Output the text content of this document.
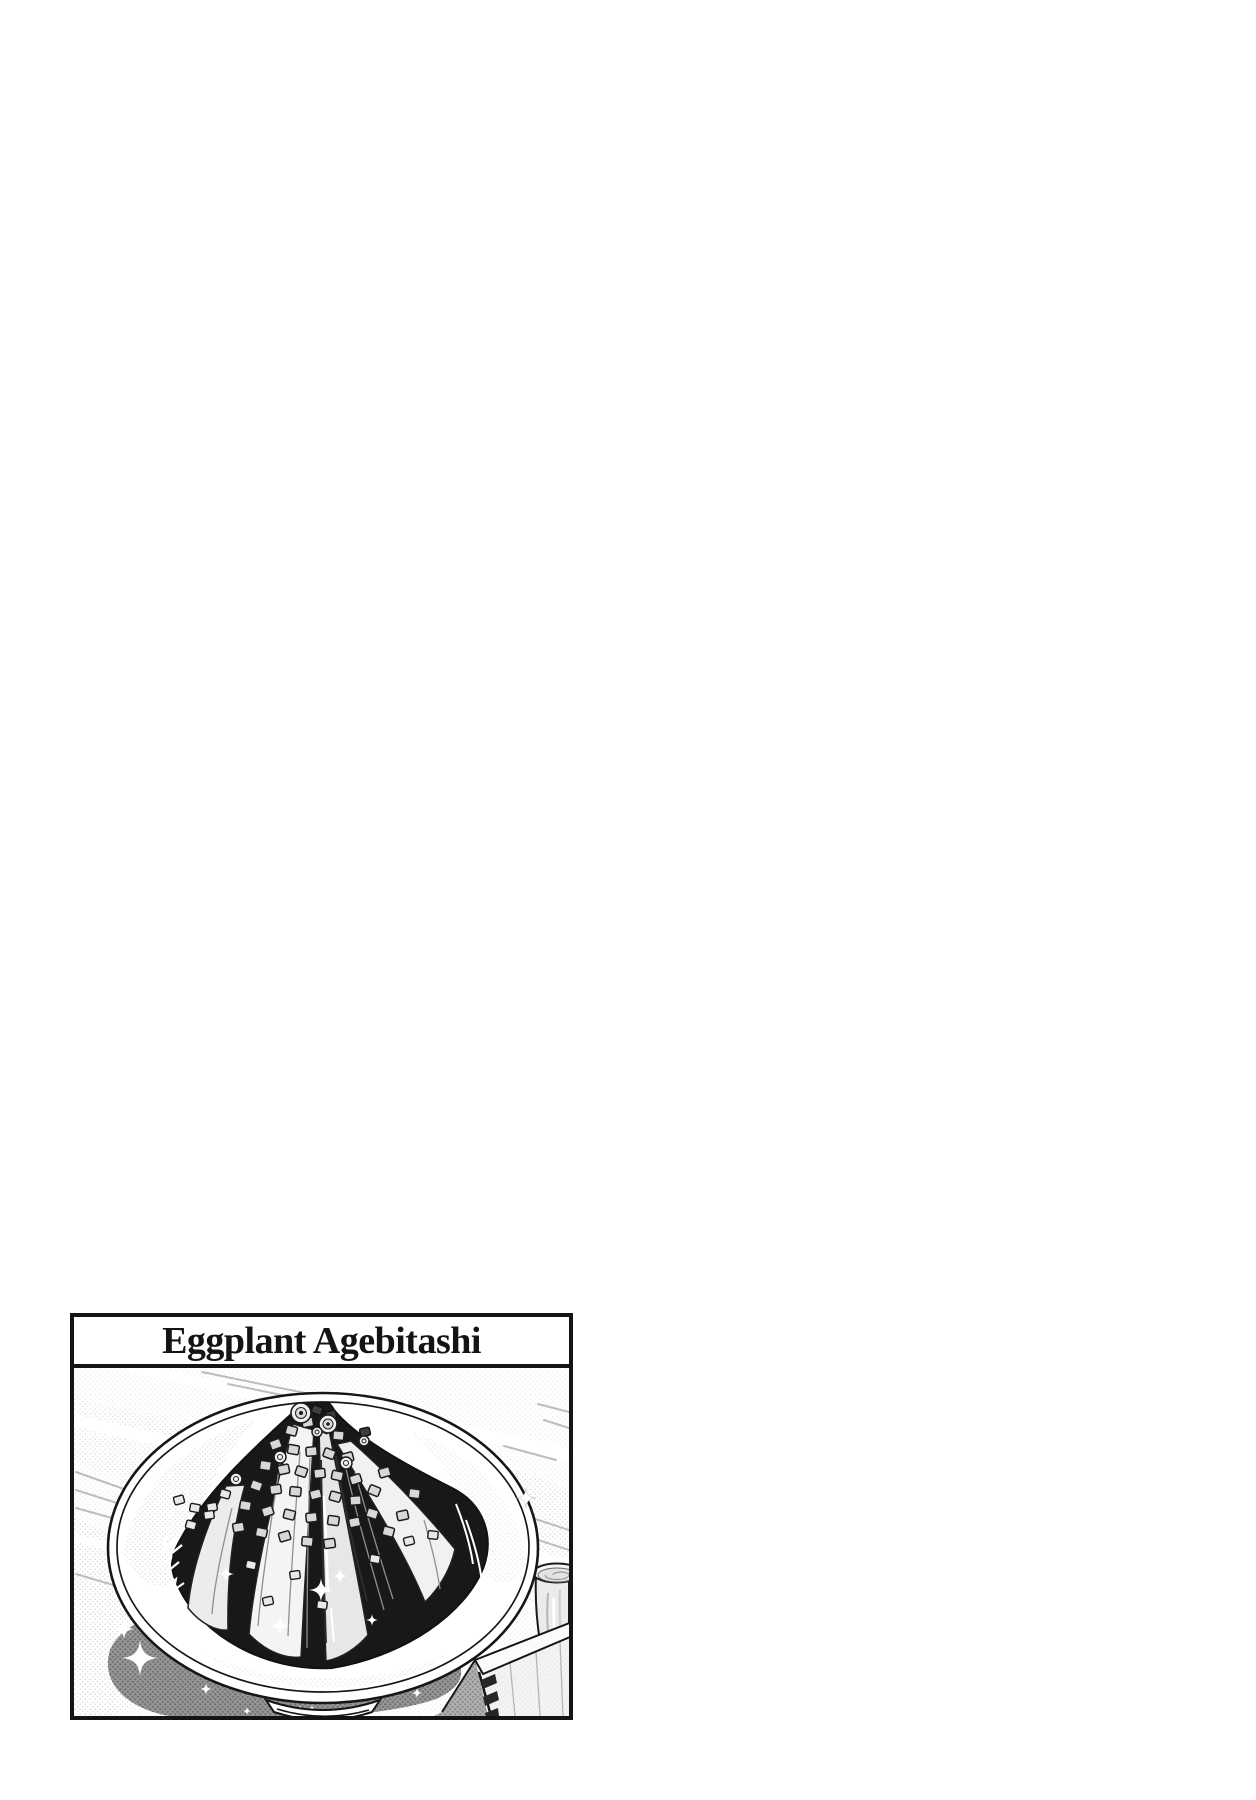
Eggplant Agebitashi
